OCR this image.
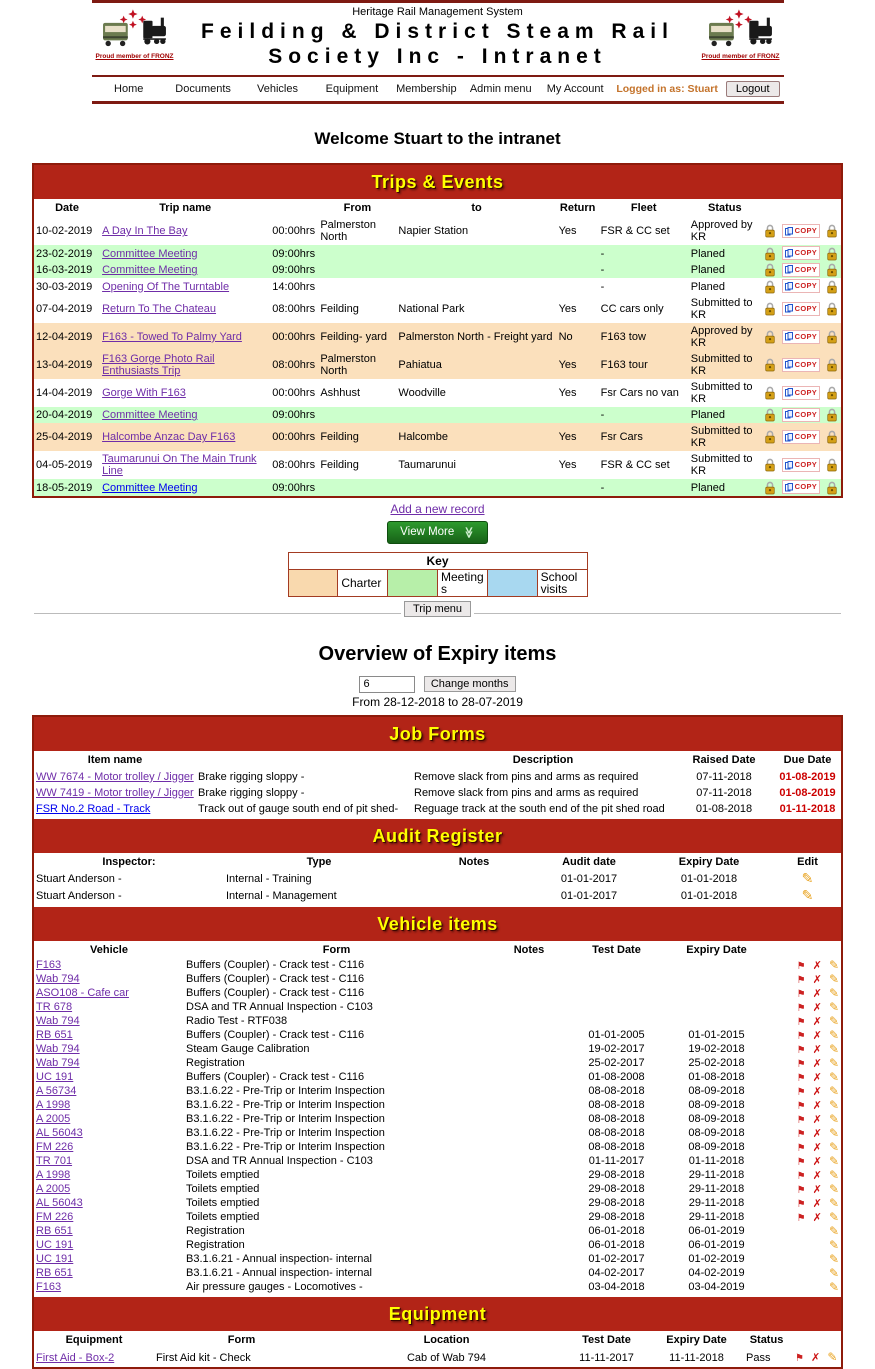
Heritage Rail Management System
Proud member of FRONZ	Proud member of FRONZ
Feilding & District Steam Rail
Society Inc - Intranet
Home	Documents	Vehicles	Equipment	Membership	Admin menu	My Account	Logged in as: Stuart	Logout
Welcome Stuart to the intranet
Trips & Events
Date	Trip name		From	to	Return	Fleet	Status			
10-02-2019	A Day In The Bay	00:00hrs	Palmerston North	Napier Station	Yes	FSR & CC set	Approved by KR		COPY

23-02-2019	Committee Meeting	09:00hrs				-	Planed		COPY

16-03-2019	Committee Meeting	09:00hrs				-	Planed		COPY

30-03-2019	Opening Of The Turntable	14:00hrs				-	Planed		COPY

07-04-2019	Return To The Chateau	08:00hrs	Feilding	National Park	Yes	CC cars only	Submitted to KR		COPY

12-04-2019	F163 - Towed To Palmy Yard	00:00hrs	Feilding- yard	Palmerston North - Freight yard	No	F163 tow	Approved by KR		COPY

13-04-2019	F163 Gorge Photo Rail Enthusiasts Trip	08:00hrs	Palmerston North	Pahiatua	Yes	F163 tour	Submitted to KR		COPY

14-04-2019	Gorge With F163	00:00hrs	Ashhust	Woodville	Yes	Fsr Cars no van	Submitted to KR		COPY

20-04-2019	Committee Meeting	09:00hrs				-	Planed		COPY

25-04-2019	Halcombe Anzac Day F163	00:00hrs	Feilding	Halcombe	Yes	Fsr Cars	Submitted to KR		COPY

04-05-2019	Taumarunui On The Main Trunk Line	08:00hrs	Feilding	Taumarunui	Yes	FSR & CC set	Submitted to KR		COPY

18-05-2019	Committee Meeting	09:00hrs				-	Planed		COPY

Add a new record
View More ≫
Key
	Charter		Meetings		School visits
Trip menu
Overview of Expiry items
6 Change months
From 28-12-2018 to 28-07-2019
Job Forms
Item name		Description	Raised Date	Due Date
WW 7674 - Motor trolley / Jigger	Brake rigging sloppy -	Remove slack from pins and arms as required	07-11-2018	01-08-2019
WW 7419 - Motor trolley / Jigger	Brake rigging sloppy -	Remove slack from pins and arms as required	07-11-2018	01-08-2019
FSR No.2 Road - Track	Track out of gauge south end of pit shed-	Reguage track at the south end of the pit shed road	01-08-2018	01-11-2018
Audit Register
Inspector:	Type	Notes	Audit date	Expiry Date	Edit
Stuart Anderson -	Internal - Training		01-01-2017	01-01-2018	✎
Stuart Anderson -	Internal - Management		01-01-2017	01-01-2018	✎
Vehicle items
Vehicle	Form	Notes	Test Date	Expiry Date	
F163	Buffers (Coupler) - Crack test - C116				⚑ ✗ ✎
Wab 794	Buffers (Coupler) - Crack test - C116				⚑ ✗ ✎
ASO108 - Cafe car	Buffers (Coupler) - Crack test - C116				⚑ ✗ ✎
TR 678	DSA and TR Annual Inspection - C103				⚑ ✗ ✎
Wab 794	Radio Test - RTF038				⚑ ✗ ✎
RB 651	Buffers (Coupler) - Crack test - C116		01-01-2005	01-01-2015	⚑ ✗ ✎
Wab 794	Steam Gauge Calibration		19-02-2017	19-02-2018	⚑ ✗ ✎
Wab 794	Registration		25-02-2017	25-02-2018	⚑ ✗ ✎
UC 191	Buffers (Coupler) - Crack test - C116		01-08-2008	01-08-2018	⚑ ✗ ✎
A 56734	B3.1.6.22 - Pre-Trip or Interim Inspection		08-08-2018	08-09-2018	⚑ ✗ ✎
A 1998	B3.1.6.22 - Pre-Trip or Interim Inspection		08-08-2018	08-09-2018	⚑ ✗ ✎
A 2005	B3.1.6.22 - Pre-Trip or Interim Inspection		08-08-2018	08-09-2018	⚑ ✗ ✎
AL 56043	B3.1.6.22 - Pre-Trip or Interim Inspection		08-08-2018	08-09-2018	⚑ ✗ ✎
FM 226	B3.1.6.22 - Pre-Trip or Interim Inspection		08-08-2018	08-09-2018	⚑ ✗ ✎
TR 701	DSA and TR Annual Inspection - C103		01-11-2017	01-11-2018	⚑ ✗ ✎
A 1998	Toilets emptied		29-08-2018	29-11-2018	⚑ ✗ ✎
A 2005	Toilets emptied		29-08-2018	29-11-2018	⚑ ✗ ✎
AL 56043	Toilets emptied		29-08-2018	29-11-2018	⚑ ✗ ✎
FM 226	Toilets emptied		29-08-2018	29-11-2018	⚑ ✗ ✎
RB 651	Registration		06-01-2018	06-01-2019	✎
UC 191	Registration		06-01-2018	06-01-2019	✎
UC 191	B3.1.6.21 - Annual inspection- internal		01-02-2017	01-02-2019	✎
RB 651	B3.1.6.21 - Annual inspection- internal		04-02-2017	04-02-2019	✎
F163	Air pressure gauges - Locomotives -		03-04-2018	03-04-2019	✎
Equipment
Equipment	Form	Location	Test Date	Expiry Date	Status	
First Aid - Box-2	First Aid kit - Check	Cab of Wab 794	11-11-2017	11-11-2018	Pass	⚑ ✗ ✎
